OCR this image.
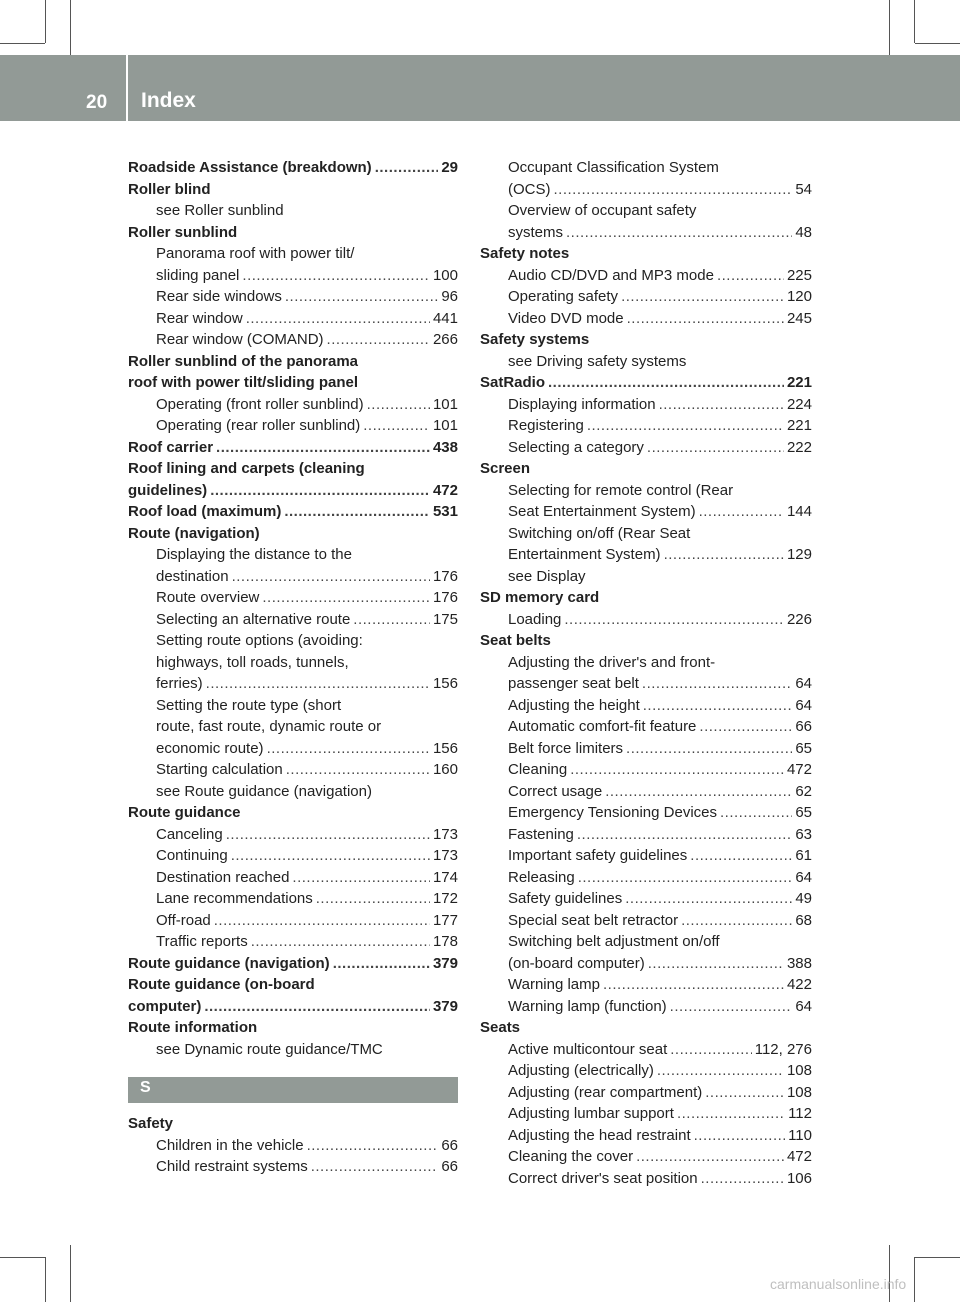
20	Index
Roadside Assistance (breakdown) .....	29
Roller blind
see Roller sunblind
Roller sunblind
Panorama roof with power tilt/
sliding panel .....	100
Rear side windows .....	96
Rear window .....	441
Rear window (COMAND) .....	266
Roller sunblind of the panorama
roof with power tilt/sliding panel
Operating (front roller sunblind) .....	101
Operating (rear roller sunblind) .....	101
Roof carrier .....	438
Roof lining and carpets (cleaning
guidelines) .....	472
Roof load (maximum) .....	531
Route (navigation)
Displaying the distance to the
destination .....	176
Route overview .....	176
Selecting an alternative route .....	175
Setting route options (avoiding:
highways, toll roads, tunnels,
ferries) .....	156
Setting the route type (short
route, fast route, dynamic route or
economic route) .....	156
Starting calculation .....	160
see Route guidance (navigation)
Route guidance
Canceling .....	173
Continuing .....	173
Destination reached .....	174
Lane recommendations .....	172
Off-road .....	177
Traffic reports .....	178
Route guidance (navigation) .....	379
Route guidance (on-board
computer) .....	379
Route information
see Dynamic route guidance/TMC
S
Safety
Children in the vehicle .....	66
Child restraint systems .....	66
Occupant Classification System
(OCS) .....	54
Overview of occupant safety
systems .....	48
Safety notes
Audio CD/DVD and MP3 mode .....	225
Operating safety .....	120
Video DVD mode .....	245
Safety systems
see Driving safety systems
SatRadio .....	221
Displaying information .....	224
Registering .....	221
Selecting a category .....	222
Screen
Selecting for remote control (Rear
Seat Entertainment System) .....	144
Switching on/off (Rear Seat
Entertainment System) .....	129
see Display
SD memory card
Loading .....	226
Seat belts
Adjusting the driver's and front-
passenger seat belt .....	64
Adjusting the height .....	64
Automatic comfort-fit feature .....	66
Belt force limiters .....	65
Cleaning .....	472
Correct usage .....	62
Emergency Tensioning Devices .....	65
Fastening .....	63
Important safety guidelines .....	61
Releasing .....	64
Safety guidelines .....	49
Special seat belt retractor .....	68
Switching belt adjustment on/off
(on-board computer) .....	388
Warning lamp .....	422
Warning lamp (function) .....	64
Seats
Active multicontour seat .....	112, 276
Adjusting (electrically) .....	108
Adjusting (rear compartment) .....	108
Adjusting lumbar support .....	112
Adjusting the head restraint .....	110
Cleaning the cover .....	472
Correct driver's seat position .....	106
carmanualsonline.info
